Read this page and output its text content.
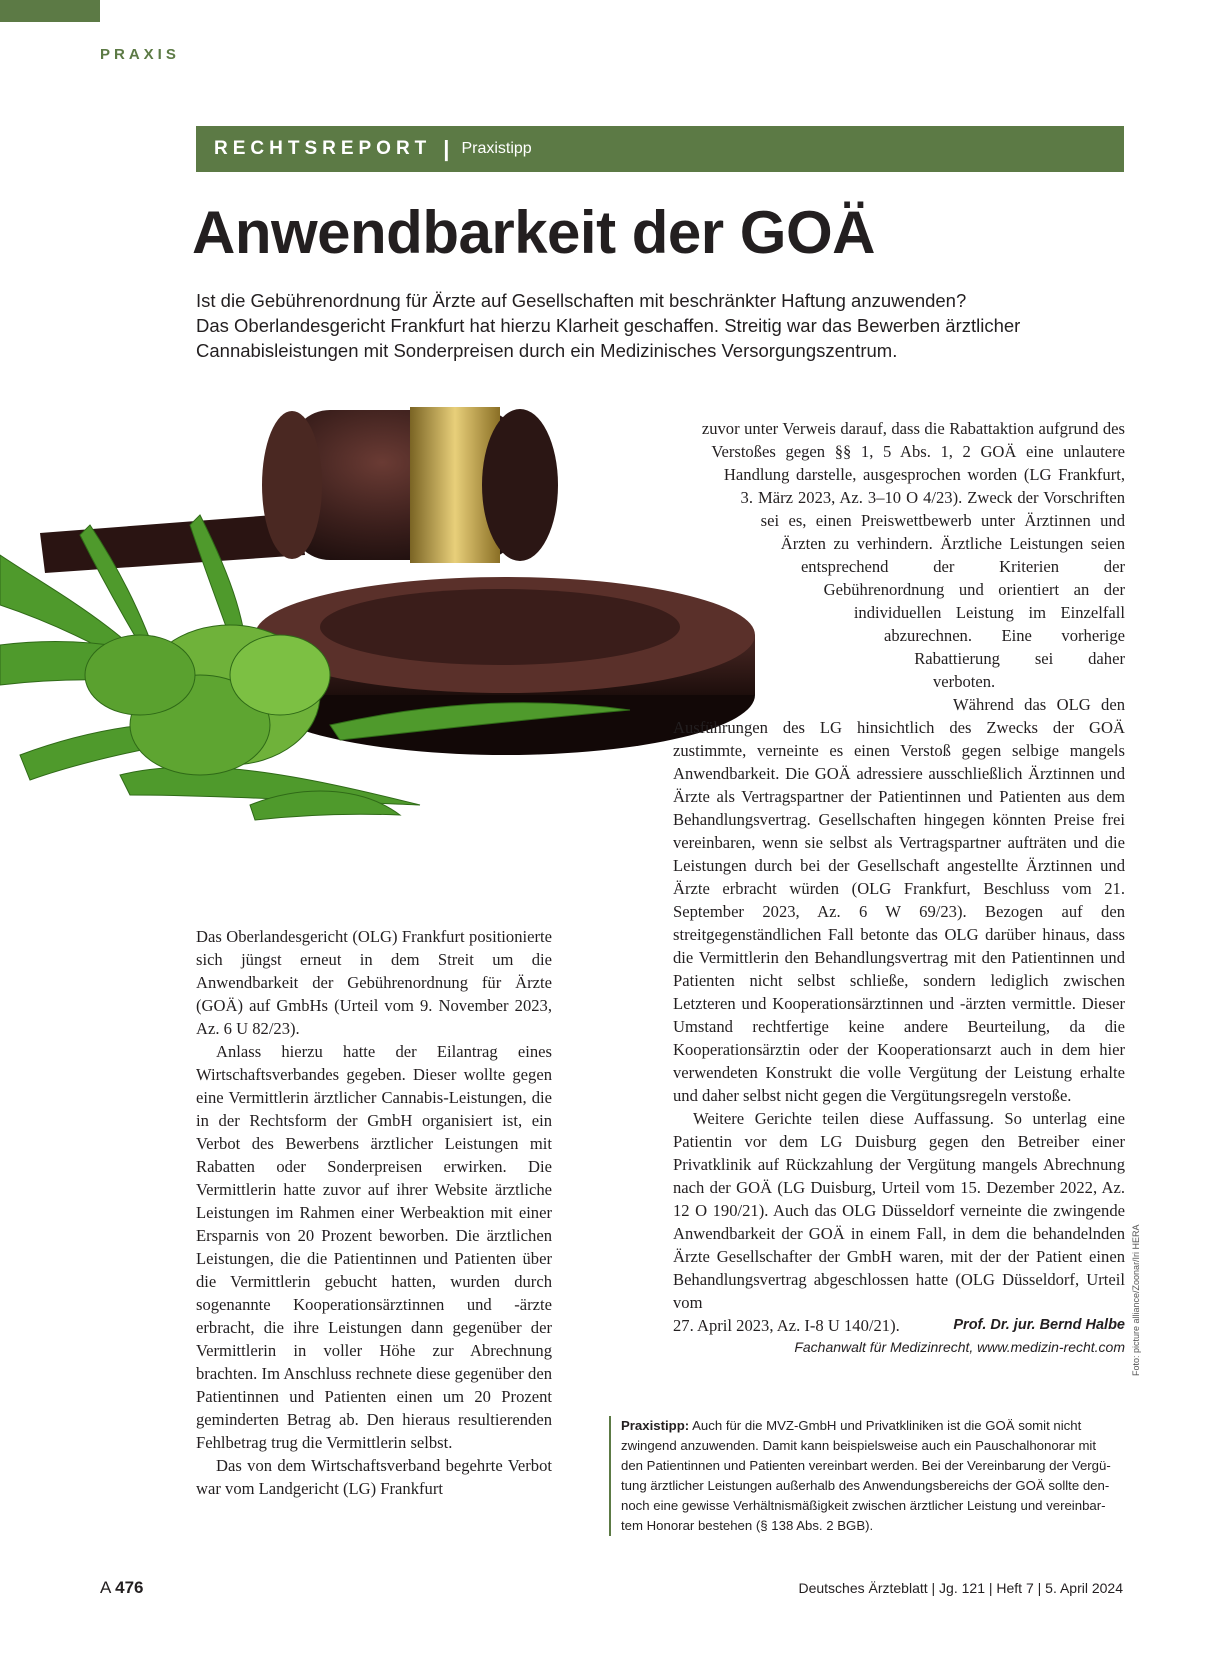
PRAXIS
RECHTSREPORT | Praxistipp
Anwendbarkeit der GOÄ
Ist die Gebührenordnung für Ärzte auf Gesellschaften mit beschränkter Haftung anzuwenden?
Das Oberlandesgericht Frankfurt hat hierzu Klarheit geschaffen. Streitig war das Bewerben ärztlicher
Cannabisleistungen mit Sonderpreisen durch ein Medizinisches Versorgungszentrum.

Das Oberlandesgericht (OLG) Frankfurt positionierte sich jüngst erneut in dem Streit um die Anwendbarkeit der Gebührenordnung für Ärzte (GOÄ) auf GmbHs (Urteil vom 9. November 2023, Az. 6 U 82/23).

Anlass hierzu hatte der Eilantrag eines Wirtschaftsverbandes gegeben. Dieser wollte gegen eine Vermittlerin ärztlicher Cannabis-Leistungen, die in der Rechtsform der GmbH organisiert ist, ein Verbot des Bewerbens ärztlicher Leistungen mit Rabatten oder Sonderpreisen erwirken. Die Vermittlerin hatte zuvor auf ihrer Website ärztliche Leistungen im Rahmen einer Werbeaktion mit einer Ersparnis von 20 Prozent beworben. Die ärztlichen Leistungen, die die Patientinnen und Patienten über die Vermittlerin gebucht hatten, wurden durch sogenannte Kooperationsärztinnen und -ärzte erbracht, die ihre Leistungen dann gegenüber der Vermittlerin in voller Höhe zur Abrechnung brachten. Im Anschluss rechnete diese gegenüber den Patientinnen und Patienten einen um 20 Prozent geminderten Betrag ab. Den hieraus resultierenden Fehlbetrag trug die Vermittlerin selbst.

Das von dem Wirtschaftsverband begehrte Verbot war vom Landgericht (LG) Frankfurt

zuvor unter Verweis darauf, dass die Rabattaktion aufgrund des Verstoßes gegen §§ 1, 5 Abs. 1, 2 GOÄ eine unlautere Handlung darstelle, ausgesprochen worden (LG Frankfurt, 3. März 2023, Az. 3–10 O 4/23). Zweck der Vorschriften sei es, einen Preiswettbewerb unter Ärztinnen und Ärzten zu verhindern. Ärztliche Leistungen seien entsprechend der Kriterien der Gebührenordnung und orientiert an der individuellen Leistung im Einzelfall abzurechnen. Eine vorherige Rabattierung sei daher verboten.

Während das OLG den Ausführungen des LG hinsichtlich des Zwecks der GOÄ zustimmte, verneinte es einen Verstoß gegen selbige mangels Anwendbarkeit. Die GOÄ adressiere ausschließlich Ärztinnen und Ärzte als Vertragspartner der Patientinnen und Patienten aus dem Behandlungsvertrag. Gesellschaften hingegen könnten Preise frei vereinbaren, wenn sie selbst als Vertragspartner aufträten und die Leistungen durch bei der Gesellschaft angestellte Ärztinnen und Ärzte erbracht würden (OLG Frankfurt, Beschluss vom 21. September 2023, Az. 6 W 69/23). Bezogen auf den streitgegenständlichen Fall betonte das OLG darüber hinaus, dass die Vermittlerin den Behandlungsvertrag mit den Patientinnen und Patienten nicht selbst schließe, sondern lediglich zwischen Letzteren und Kooperationsärztinnen und -ärzten vermittle. Dieser Umstand rechtfertige keine andere Beurteilung, da die Kooperationsärztin oder der Kooperationsarzt auch in dem hier verwendeten Konstrukt die volle Vergütung der Leistung erhalte und daher selbst nicht gegen die Vergütungsregeln verstoße.

Weitere Gerichte teilen diese Auffassung. So unterlag eine Patientin vor dem LG Duisburg gegen den Betreiber einer Privatklinik auf Rückzahlung der Vergütung mangels Abrechnung nach der GOÄ (LG Duisburg, Urteil vom 15. Dezember 2022, Az. 12 O 190/21). Auch das OLG Düsseldorf verneinte die zwingende Anwendbarkeit der GOÄ in einem Fall, in dem die behandelnden Ärzte Gesellschafter der GmbH waren, mit der der Patient einen Behandlungsvertrag abgeschlossen hatte (OLG Düsseldorf, Urteil vom

27. April 2023, Az. I-8 U 140/21).	Prof. Dr. jur. Bernd Halbe

Fachanwalt für Medizinrecht, www.medizin-recht.com Foto: picture alliance/Zoonar/Iri HERA
Praxistipp: Auch für die MVZ-GmbH und Privatkliniken ist die GOÄ somit nicht
zwingend anzuwenden. Damit kann beispielsweise auch ein Pauschalhonorar mit
den Patientinnen und Patienten vereinbart werden. Bei der Vereinbarung der Vergü-
tung ärztlicher Leistungen außerhalb des Anwendungsbereichs der GOÄ sollte den-
noch eine gewisse Verhältnismäßigkeit zwischen ärztlicher Leistung und vereinbar-
tem Honorar bestehen (§ 138 Abs. 2 BGB).
A 476	Deutsches Ärzteblatt | Jg. 121 | Heft 7 | 5. April 2024
